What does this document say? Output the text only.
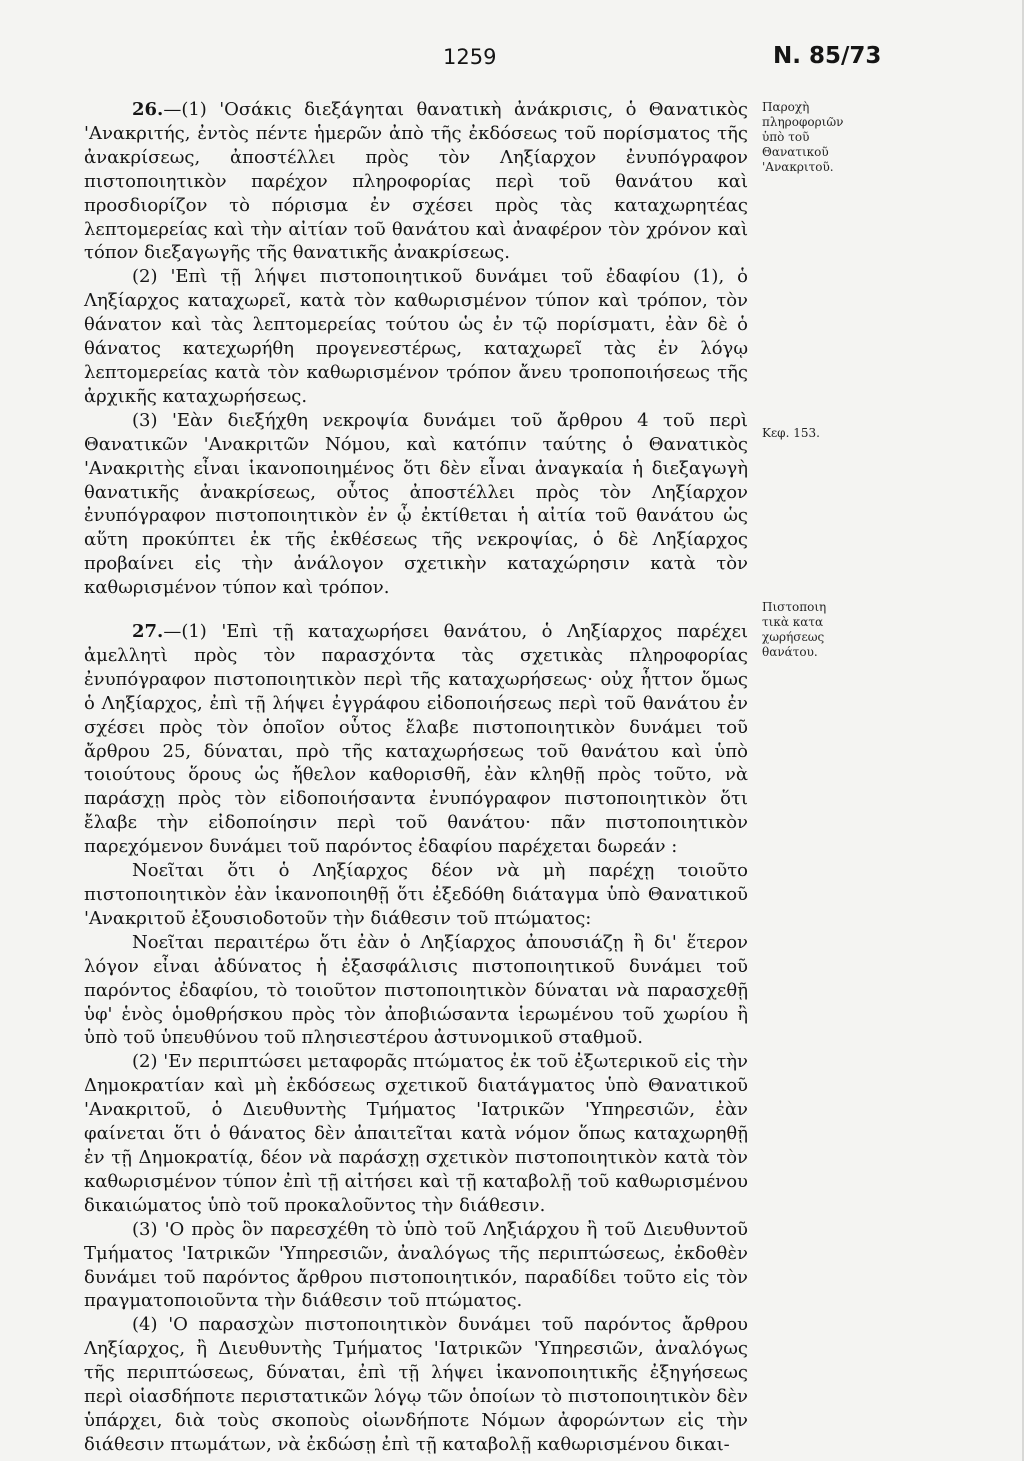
1259	N. 85/73
Παροχὴ
πληροφοριῶν
ὑπὸ τοῦ
Θανατικοῦ
'Ανακριτοῦ.
Κεφ. 153.
Πιστοποιη
τικὰ κατα
χωρήσεως
θανάτου.

26.—(1) 'Οσάκις διεξάγηται θανατικὴ ἀνάκρισις, ὁ Θανατικὸς 'Ανακριτής, ἐντὸς πέντε ἡμερῶν ἀπὸ τῆς ἐκδόσεως τοῦ πορίσματος τῆς ἀνακρίσεως, ἀποστέλλει πρὸς τὸν Ληξίαρχον ἐνυπόγραφον πιστοποιητικὸν παρέχον πληροφορίας περὶ τοῦ θανάτου καὶ προσδιορίζον τὸ πόρισμα ἐν σχέσει πρὸς τὰς καταχωρητέας λεπτομερείας καὶ τὴν αἰτίαν τοῦ θανάτου καὶ ἀναφέρον τὸν χρόνον καὶ τόπον διεξαγωγῆς τῆς θανατικῆς ἀνακρίσεως.

(2) 'Επὶ τῇ λήψει πιστοποιητικοῦ δυνάμει τοῦ ἐδαφίου (1), ὁ Ληξίαρχος καταχωρεῖ, κατὰ τὸν καθωρισμένον τύπον καὶ τρόπον, τὸν θάνατον καὶ τὰς λεπτομερείας τούτου ὡς ἐν τῷ πορίσματι, ἐὰν δὲ ὁ θάνατος κατεχωρήθη προγενεστέρως, καταχωρεῖ τὰς ἐν λόγῳ λεπτομερείας κατὰ τὸν καθωρισμένον τρόπον ἄνευ τροποποιήσεως τῆς ἀρχικῆς καταχωρήσεως.

(3) 'Εὰν διεξήχθη νεκροψία δυνάμει τοῦ ἄρθρου 4 τοῦ περὶ Θανατικῶν 'Ανακριτῶν Νόμου, καὶ κατόπιν ταύτης ὁ Θανατικὸς 'Ανακριτὴς εἶναι ἱκανοποιημένος ὅτι δὲν εἶναι ἀναγκαία ἡ διεξαγωγὴ θανατικῆς ἀνακρίσεως, οὗτος ἀποστέλλει πρὸς τὸν Ληξίαρχον ἐνυπόγραφον πιστοποιητικὸν ἐν ᾧ ἐκτίθεται ἡ αἰτία τοῦ θανάτου ὡς αὕτη προκύπτει ἐκ τῆς ἐκθέσεως τῆς νεκροψίας, ὁ δὲ Ληξίαρχος προβαίνει εἰς τὴν ἀνάλογον σχετικὴν καταχώρησιν κατὰ τὸν καθωρισμένον τύπον καὶ τρόπον.

27.—(1) 'Επὶ τῇ καταχωρήσει θανάτου, ὁ Ληξίαρχος παρέχει ἀμελλητὶ πρὸς τὸν παρασχόντα τὰς σχετικὰς πληροφορίας ἐνυπόγραφον πιστοποιητικὸν περὶ τῆς καταχωρήσεως· οὐχ ἧττον ὅμως ὁ Ληξίαρχος, ἐπὶ τῇ λήψει ἐγγράφου εἰδοποιήσεως περὶ τοῦ θανάτου ἐν σχέσει πρὸς τὸν ὁποῖον οὗτος ἔλαβε πιστοποιητικὸν δυνάμει τοῦ ἄρθρου 25, δύναται, πρὸ τῆς καταχωρήσεως τοῦ θανάτου καὶ ὑπὸ τοιούτους ὅρους ὡς ἤθελον καθορισθῆ, ἐὰν κληθῇ πρὸς τοῦτο, νὰ παράσχῃ πρὸς τὸν εἰδοποιήσαντα ἐνυπόγραφον πιστοποιητικὸν ὅτι ἔλαβε τὴν εἰδοποίησιν περὶ τοῦ θανάτου· πᾶν πιστοποιητικὸν παρεχόμενον δυνάμει τοῦ παρόντος ἐδαφίου παρέχεται δωρεάν :

Νοεῖται ὅτι ὁ Ληξίαρχος δέον νὰ μὴ παρέχῃ τοιοῦτο πιστοποιητικὸν ἐὰν ἱκανοποιηθῇ ὅτι ἐξεδόθη διάταγμα ὑπὸ Θανατικοῦ 'Ανακριτοῦ ἐξουσιοδοτοῦν τὴν διάθεσιν τοῦ πτώματος:

Νοεῖται περαιτέρω ὅτι ἐὰν ὁ Ληξίαρχος ἀπουσιάζῃ ἢ δι' ἕτερον λόγον εἶναι ἀδύνατος ἡ ἐξασφάλισις πιστοποιητικοῦ δυνάμει τοῦ παρόντος ἐδαφίου, τὸ τοιοῦτον πιστοποιητικὸν δύναται νὰ παρασχεθῇ ὑφ' ἑνὸς ὁμοθρήσκου πρὸς τὸν ἀποβιώσαντα ἱερωμένου τοῦ χωρίου ἢ ὑπὸ τοῦ ὑπευθύνου τοῦ πλησιεστέρου ἀστυνομικοῦ σταθμοῦ.

(2) 'Εν περιπτώσει μεταφορᾶς πτώματος ἐκ τοῦ ἐξωτερικοῦ εἰς τὴν Δημοκρατίαν καὶ μὴ ἐκδόσεως σχετικοῦ διατάγματος ὑπὸ Θανατικοῦ 'Ανακριτοῦ, ὁ Διευθυντὴς Τμήματος 'Ιατρικῶν 'Υπηρεσιῶν, ἐὰν φαίνεται ὅτι ὁ θάνατος δὲν ἀπαιτεῖται κατὰ νόμον ὅπως καταχωρηθῇ ἐν τῇ Δημοκρατίᾳ, δέον νὰ παράσχῃ σχετικὸν πιστοποιητικὸν κατὰ τὸν καθωρισμένον τύπον ἐπὶ τῇ αἰτήσει καὶ τῇ καταβολῇ τοῦ καθωρισμένου δικαιώματος ὑπὸ τοῦ προκαλοῦντος τὴν διάθεσιν.

(3) 'Ο πρὸς ὃν παρεσχέθη τὸ ὑπὸ τοῦ Ληξιάρχου ἢ τοῦ Διευθυντοῦ Τμήματος 'Ιατρικῶν 'Υπηρεσιῶν, ἀναλόγως τῆς περιπτώσεως, ἐκδοθὲν δυνάμει τοῦ παρόντος ἄρθρου πιστοποιητικόν, παραδίδει τοῦτο εἰς τὸν πραγματοποιοῦντα τὴν διάθεσιν τοῦ πτώματος.

(4) 'Ο παρασχὼν πιστοποιητικὸν δυνάμει τοῦ παρόντος ἄρθρου Ληξίαρχος, ἢ Διευθυντὴς Τμήματος 'Ιατρικῶν 'Υπηρεσιῶν, ἀναλόγως τῆς περιπτώσεως, δύναται, ἐπὶ τῇ λήψει ἱκανοποιητικῆς ἐξηγήσεως περὶ οἱασδήποτε περιστατικῶν λόγῳ τῶν ὁποίων τὸ πιστοποιητικὸν δὲν ὑπάρχει, διὰ τοὺς σκοποὺς οἱωνδήποτε Νόμων ἀφορώντων εἰς τὴν διάθεσιν πτωμάτων, νὰ ἐκδώσῃ ἐπὶ τῇ καταβολῇ καθωρισμένου δικαι-
